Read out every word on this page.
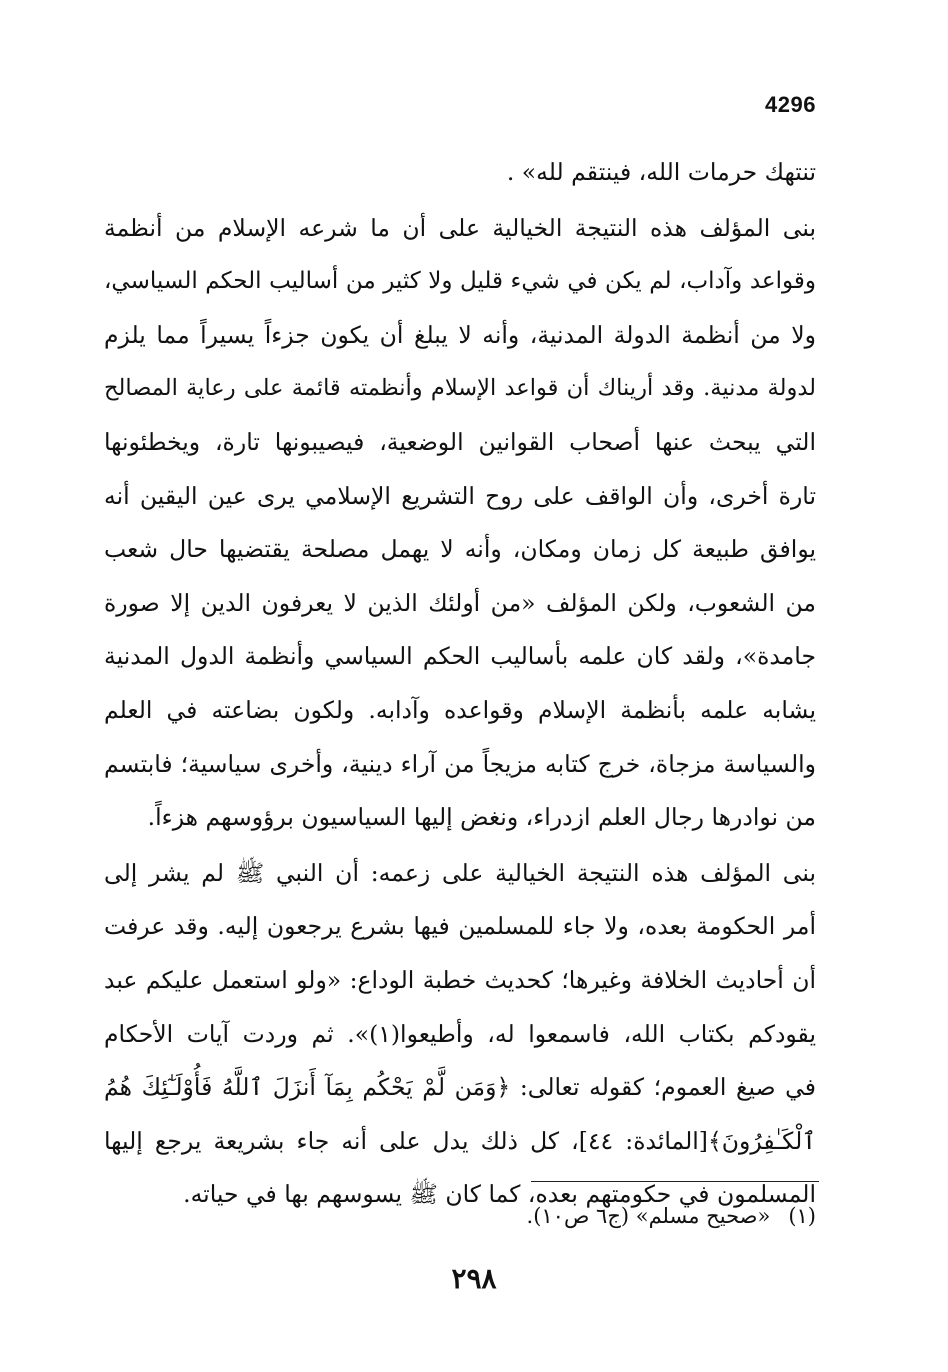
4296
تنتهك حرمات الله، فينتقم لله» .
بنى المؤلف هذه النتيجة الخيالية على أن ما شرعه الإسلام من أنظمة
وقواعد وآداب، لم يكن في شيء قليل ولا كثير من أساليب الحكم السياسي،
ولا من أنظمة الدولة المدنية، وأنه لا يبلغ أن يكون جزءاً يسيراً مما يلزم
لدولة مدنية. وقد أريناك أن قواعد الإسلام وأنظمته قائمة على رعاية المصالح
التي يبحث عنها أصحاب القوانين الوضعية، فيصيبونها تارة، ويخطئونها
تارة أخرى، وأن الواقف على روح التشريع الإسلامي يرى عين اليقين أنه
يوافق طبيعة كل زمان ومكان، وأنه لا يهمل مصلحة يقتضيها حال شعب
من الشعوب، ولكن المؤلف «من أولئك الذين لا يعرفون الدين إلا صورة
جامدة»، ولقد كان علمه بأساليب الحكم السياسي وأنظمة الدول المدنية
يشابه علمه بأنظمة الإسلام وقواعده وآدابه. ولكون بضاعته في العلم
والسياسة مزجاة، خرج كتابه مزيجاً من آراء دينية، وأخرى سياسية؛ فابتسم
من نوادرها رجال العلم ازدراء، ونغض إليها السياسيون برؤوسهم هزءاً.
بنى المؤلف هذه النتيجة الخيالية على زعمه: أن النبي ﷺ لم يشر إلى
أمر الحكومة بعده، ولا جاء للمسلمين فيها بشرع يرجعون إليه. وقد عرفت
أن أحاديث الخلافة وغيرها؛ كحديث خطبة الوداع: «ولو استعمل عليكم عبد
يقودكم بكتاب الله، فاسمعوا له، وأطيعوا(١)». ثم وردت آيات الأحكام
في صيغ العموم؛ كقوله تعالى: ﴿وَمَن لَّمْ يَحْكُم بِمَآ أَنزَلَ ٱللَّهُ فَأُوْلَـٰٓئِكَ هُمُ
ٱلْكَـٰفِرُونَ﴾[المائدة: ٤٤]، كل ذلك يدل على أنه جاء بشريعة يرجع إليها
المسلمون في حكومتهم بعده، كما كان ﷺ يسوسهم بها في حياته.
(١)«صحيح مسلم» (ج٦ ص١٠).
٢٩٨
